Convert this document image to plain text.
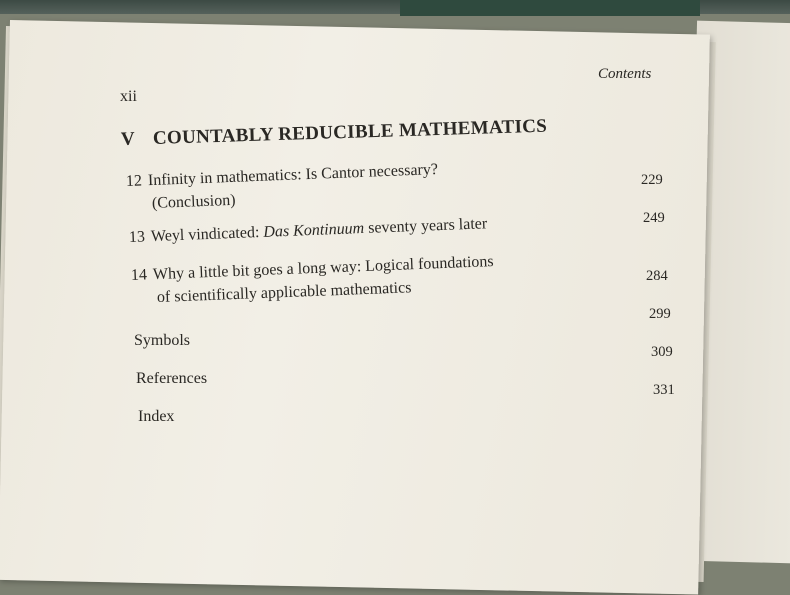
Contents
xii
V COUNTABLY REDUCIBLE MATHEMATICS
12 Infinity in mathematics: Is Cantor necessary?
(Conclusion)
229
13 Weyl vindicated: Das Kontinuum seventy years later	249
14 Why a little bit goes a long way: Logical foundations
of scientifically applicable mathematics
284
Symbols
299
References
309
Index
331
